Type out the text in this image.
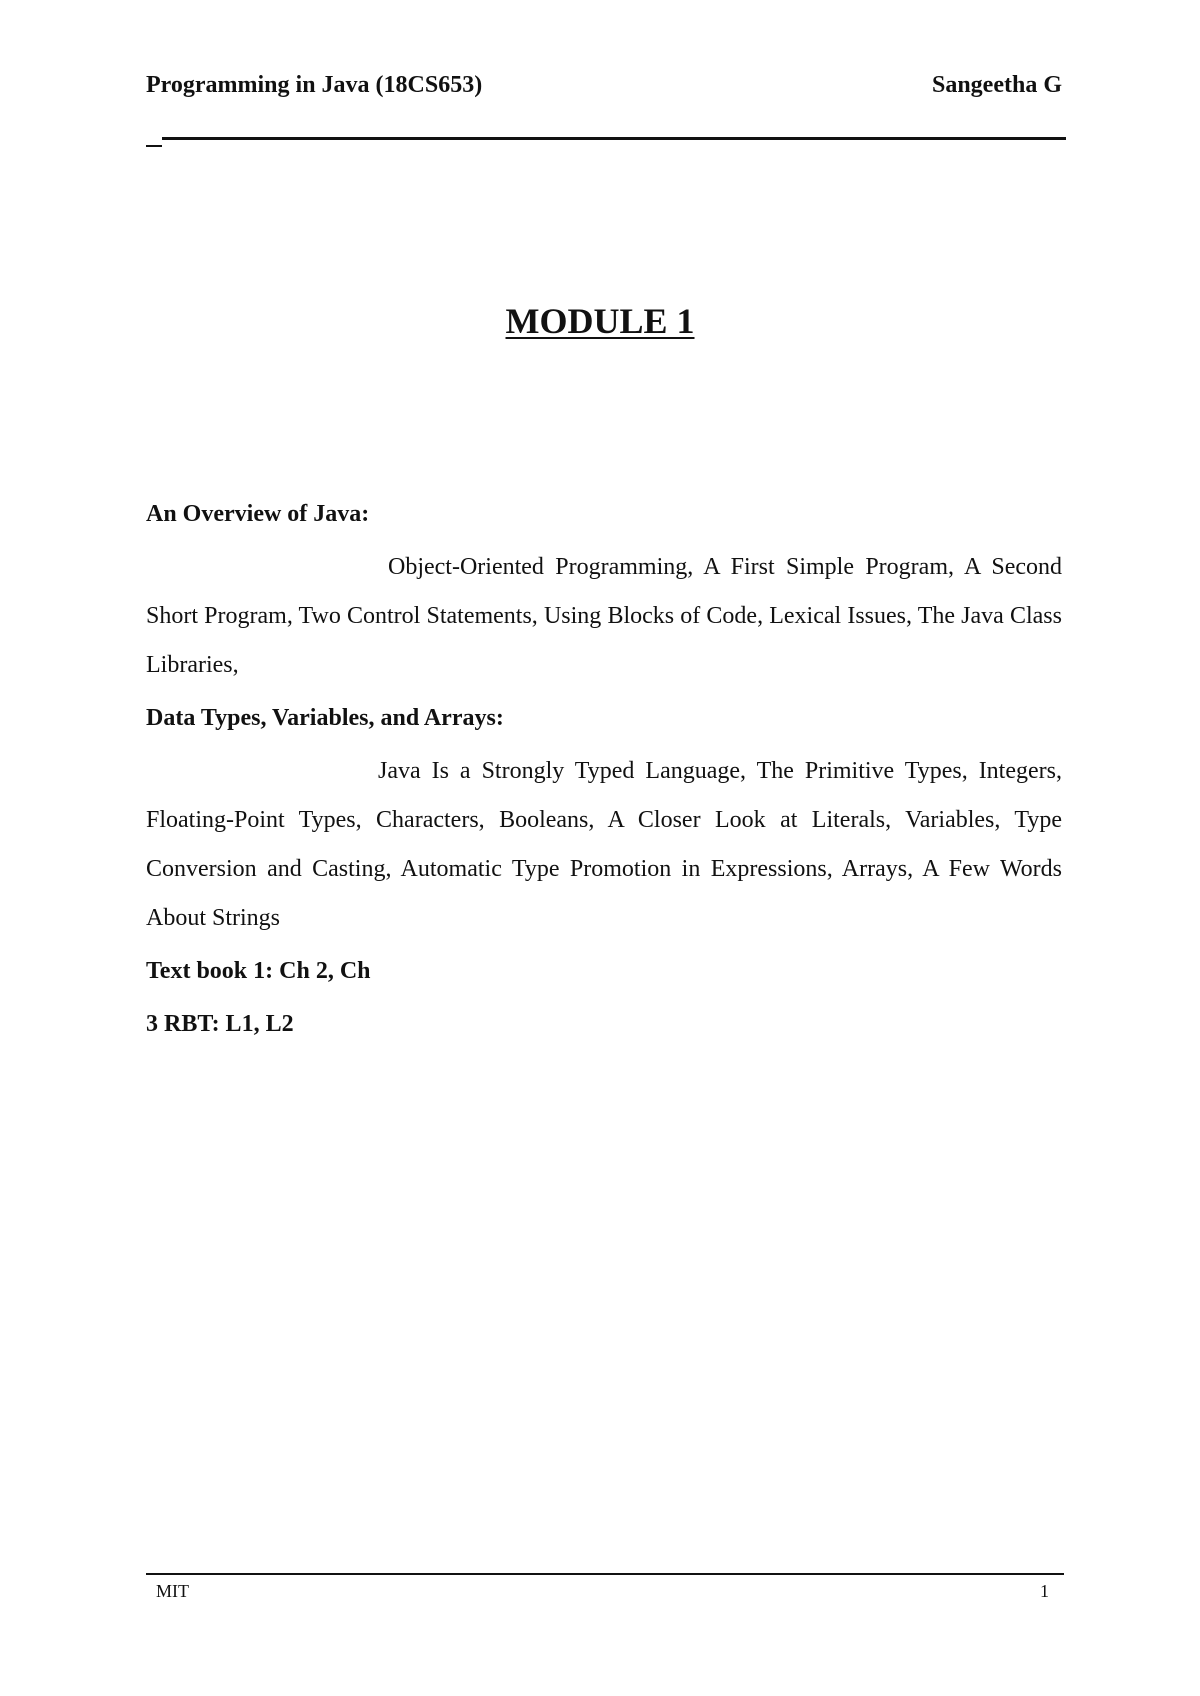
Programming in Java (18CS653)	Sangeetha G
MODULE 1
An Overview of Java:
Object-Oriented Programming, A First Simple Program, A Second Short Program, Two Control Statements, Using Blocks of Code, Lexical Issues, The Java Class Libraries,
Data Types, Variables, and Arrays:
Java Is a Strongly Typed Language, The Primitive Types, Integers, Floating-Point Types, Characters, Booleans, A Closer Look at Literals, Variables, Type Conversion and Casting, Automatic Type Promotion in Expressions, Arrays, A Few Words About Strings
Text book 1: Ch 2, Ch
3 RBT: L1, L2
MIT	1
